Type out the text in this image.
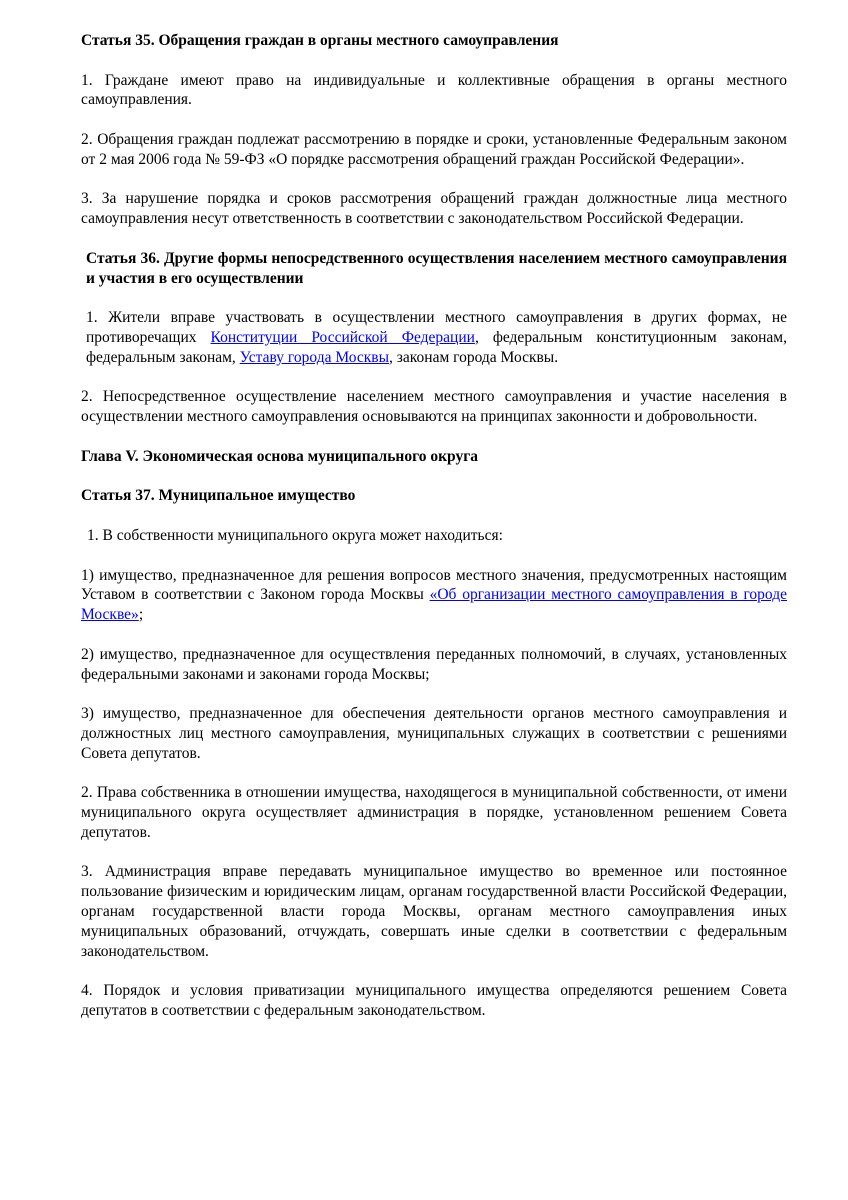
Статья 35. Обращения граждан в органы местного самоуправления
1. Граждане имеют право на индивидуальные и коллективные обращения в органы местного самоуправления.
2. Обращения граждан подлежат рассмотрению в порядке и сроки, установленные Федеральным законом от 2 мая 2006 года № 59-ФЗ «О порядке рассмотрения обращений граждан Российской Федерации».
3. За нарушение порядка и сроков рассмотрения обращений граждан должностные лица местного самоуправления несут ответственность в соответствии с законодательством Российской Федерации.
Статья 36. Другие формы непосредственного осуществления населением местного самоуправления и участия в его осуществлении
1. Жители вправе участвовать в осуществлении местного самоуправления в других формах, не противоречащих Конституции Российской Федерации, федеральным конституционным законам, федеральным законам, Уставу города Москвы, законам города Москвы.
2. Непосредственное осуществление населением местного самоуправления и участие населения в осуществлении местного самоуправления основываются на принципах законности и добровольности.
Глава V. Экономическая основа муниципального округа
Статья 37. Муниципальное имущество
1. В собственности муниципального округа может находиться:
1) имущество, предназначенное для решения вопросов местного значения, предусмотренных настоящим Уставом в соответствии с Законом города Москвы «Об организации местного самоуправления в городе Москве»;
2) имущество, предназначенное для осуществления переданных полномочий, в случаях, установленных федеральными законами и законами города Москвы;
3) имущество, предназначенное для обеспечения деятельности органов местного самоуправления и должностных лиц местного самоуправления, муниципальных служащих в соответствии с решениями Совета депутатов.
2. Права собственника в отношении имущества, находящегося в муниципальной собственности, от имени муниципального округа осуществляет администрация в порядке, установленном решением Совета депутатов.
3. Администрация вправе передавать муниципальное имущество во временное или постоянное пользование физическим и юридическим лицам, органам государственной власти Российской Федерации, органам государственной власти города Москвы, органам местного самоуправления иных муниципальных образований, отчуждать, совершать иные сделки в соответствии с федеральным законодательством.
4. Порядок и условия приватизации муниципального имущества определяются решением Совета депутатов в соответствии с федеральным законодательством.
